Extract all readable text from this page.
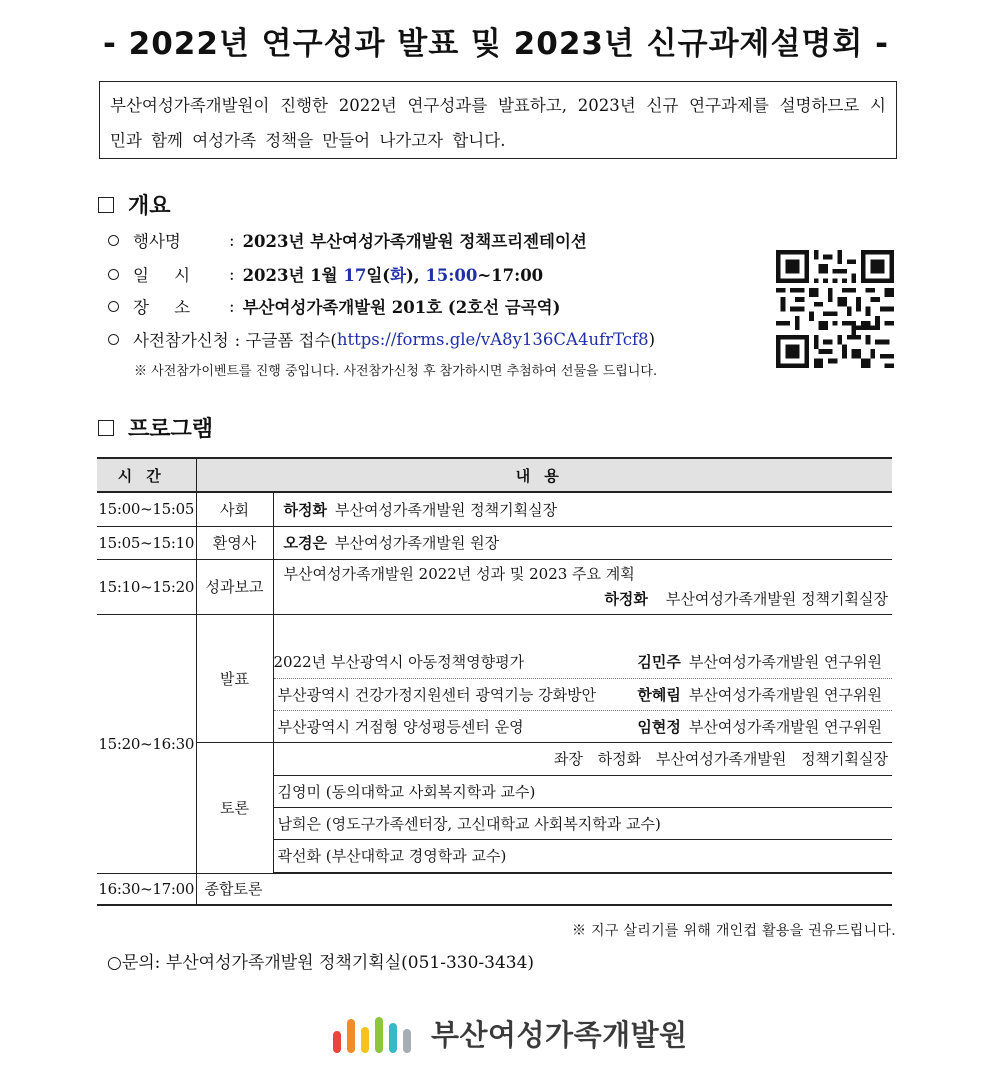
- 2022년 연구성과 발표 및 2023년 신규과제설명회 -
부산여성가족개발원이 진행한 2022년 연구성과를 발표하고, 2023년 신규 연구과제를 설명하므로 시민과 함께 여성가족 정책을 만들어 나가고자 합니다.
개요
행사명	: 2023년 부산여성가족개발원 정책프리젠테이션
일 시	: 2023년 1월 17일(화), 15:00~17:00
장 소	: 부산여성가족개발원 201호 (2호선 금곡역)
사전참가신청 : 구글폼 접수( https://forms.gle/vA8y136CA4ufrTcf8 )
※ 사전참가이벤트를 진행 중입니다. 사전참가신청 후 참가하시면 추첨하여 선물을 드립니다.
프로그램
시간	내용	
15:00~15:05	사회	하정화 부산여성가족개발원 정책기획실장
15:05~15:10	환영사	오경은 부산여성가족개발원 원장
15:10~15:20	성과보고	부산여성가족개발원 2022년 성과 및 2023 주요 계획
하정화 부산여성가족개발원 정책기획실장

15:20~16:30	발표	

		2022년 부산광역시 아동정책영향평가 김민주 부산여성가족개발원 연구위원

		부산광역시 건강가정지원센터 광역기능 강화방안 한혜림 부산여성가족개발원 연구위원

		부산광역시 거점형 양성평등센터 운영 임현정 부산여성가족개발원 연구위원

	토론	좌장 하정화 부산여성가족개발원 정책기획실장
		김영미 (동의대학교 사회복지학과 교수)
		남희은 (영도구가족센터장, 고신대학교 사회복지학과 교수)
		곽선화 (부산대학교 경영학과 교수)

16:30~17:00	종합토론	
※ 지구 살리기를 위해 개인컵 활용을 권유드립니다.
○문의: 부산여성가족개발원 정책기획실(051-330-3434)
부산여성가족개발원
